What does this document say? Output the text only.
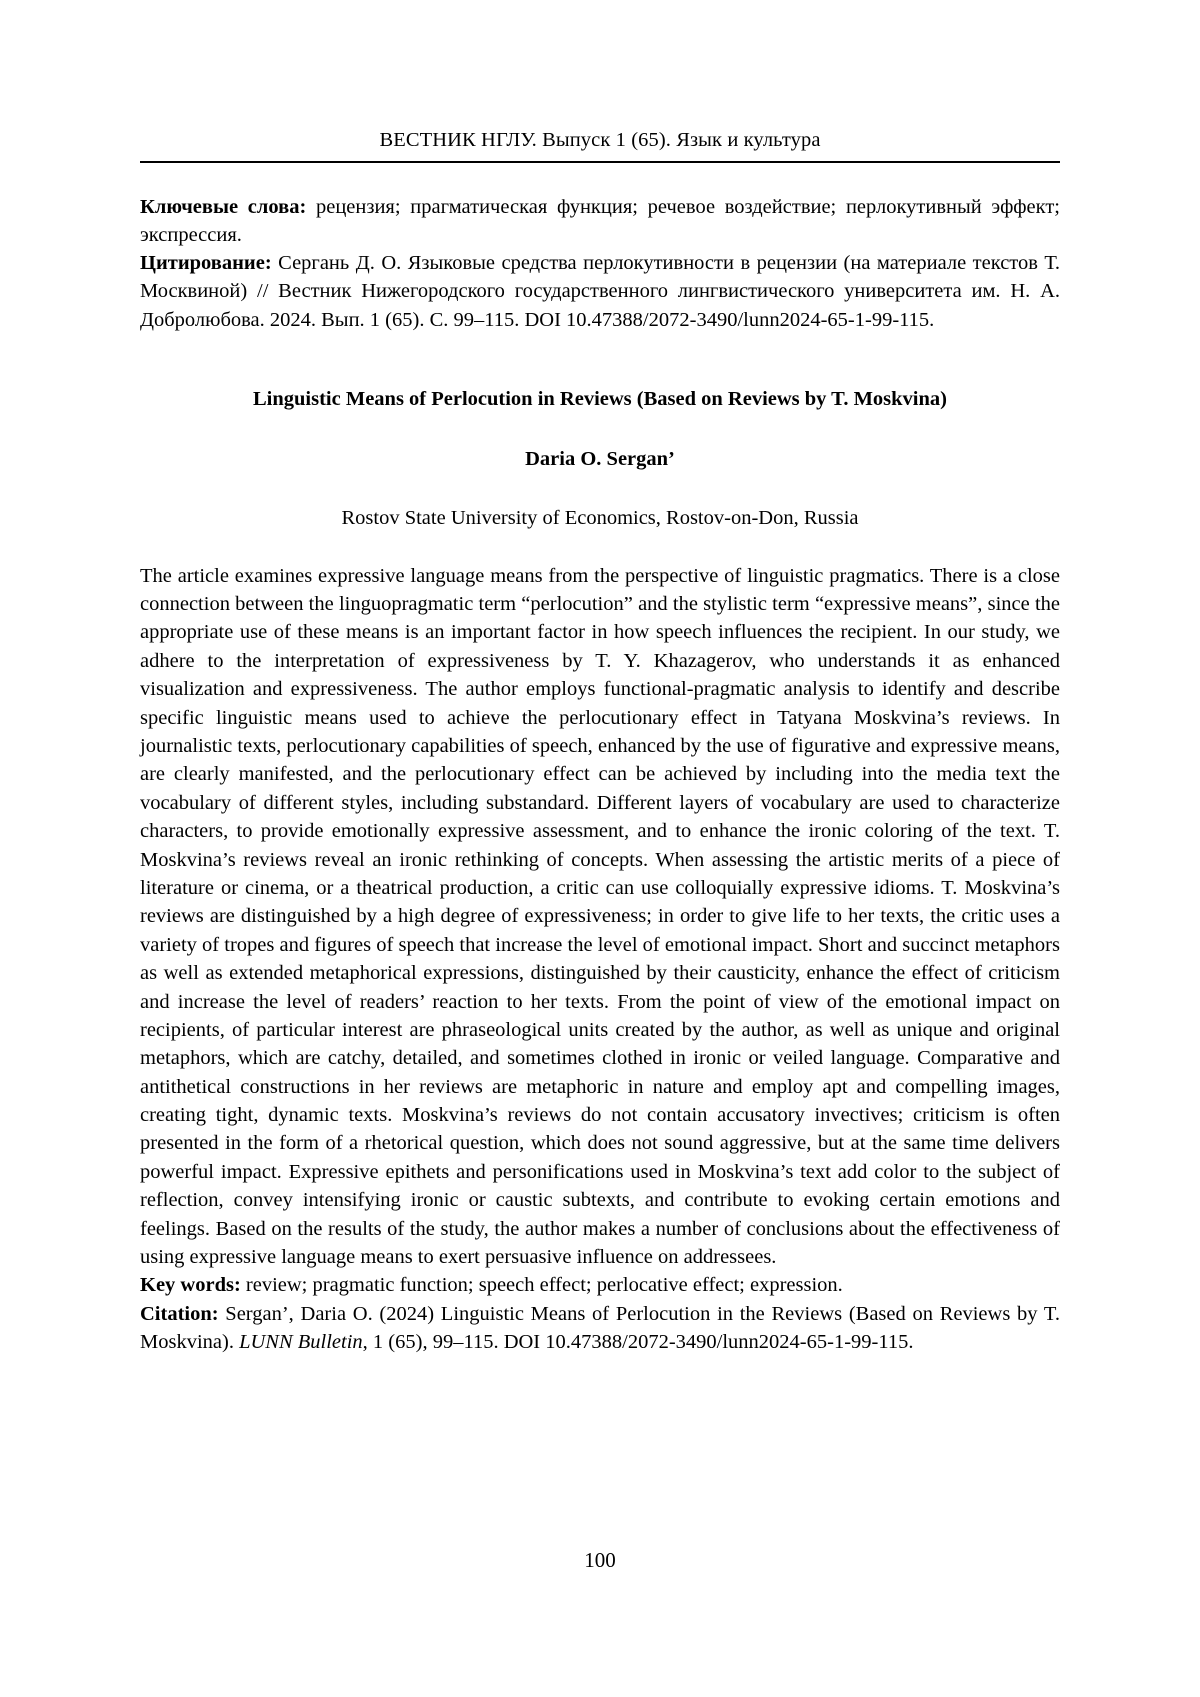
ВЕСТНИК НГЛУ. Выпуск 1 (65). Язык и культура

Ключевые слова: рецензия; прагматическая функция; речевое воздействие; перлокутивный эффект; экспрессия.

Цитирование: Сергань Д. О. Языковые средства перлокутивности в рецензии (на материале текстов Т. Москвиной) // Вестник Нижегородского государственного лингвистического университета им. Н. А. Добролюбова. 2024. Вып. 1 (65). С. 99–115. DOI 10.47388/2072-3490/lunn2024-65-1-99-115.

Linguistic Means of Perlocution in Reviews (Based on Reviews by T. Moskvina)
Daria O. Sergan’
Rostov State University of Economics, Rostov-on-Don, Russia

The article examines expressive language means from the perspective of linguistic pragmatics. There is a close connection between the linguopragmatic term “perlocution” and the stylistic term “expressive means”, since the appropriate use of these means is an important factor in how speech influences the recipient. In our study, we adhere to the interpretation of expressiveness by T. Y. Khazagerov, who understands it as enhanced visualization and expressiveness. The author employs functional-pragmatic analysis to identify and describe specific linguistic means used to achieve the perlocutionary effect in Tatyana Moskvina’s reviews. In journalistic texts, perlocutionary capabilities of speech, enhanced by the use of figurative and expressive means, are clearly manifested, and the perlocutionary effect can be achieved by including into the media text the vocabulary of different styles, including substandard. Different layers of vocabulary are used to characterize characters, to provide emotionally expressive assessment, and to enhance the ironic coloring of the text. T. Moskvina’s reviews reveal an ironic rethinking of concepts. When assessing the artistic merits of a piece of literature or cinema, or a theatrical production, a critic can use colloquially expressive idioms. T. Moskvina’s reviews are distinguished by a high degree of expressiveness; in order to give life to her texts, the critic uses a variety of tropes and figures of speech that increase the level of emotional impact. Short and succinct metaphors as well as extended metaphorical expressions, distinguished by their causticity, enhance the effect of criticism and increase the level of readers’ reaction to her texts. From the point of view of the emotional impact on recipients, of particular interest are phraseological units created by the author, as well as unique and original metaphors, which are catchy, detailed, and sometimes clothed in ironic or veiled language. Comparative and antithetical constructions in her reviews are metaphoric in nature and employ apt and compelling images, creating tight, dynamic texts. Moskvina’s reviews do not contain accusatory invectives; criticism is often presented in the form of a rhetorical question, which does not sound aggressive, but at the same time delivers powerful impact. Expressive epithets and personifications used in Moskvina’s text add color to the subject of reflection, convey intensifying ironic or caustic subtexts, and contribute to evoking certain emotions and feelings. Based on the results of the study, the author makes a number of conclusions about the effectiveness of using expressive language means to exert persuasive influence on addressees.

Key words: review; pragmatic function; speech effect; perlocative effect; expression.

Citation: Sergan’, Daria O. (2024) Linguistic Means of Perlocution in the Reviews (Based on Reviews by T. Moskvina). LUNN Bulletin, 1 (65), 99–115. DOI 10.47388/2072-3490/lunn2024-65-1-99-115.

100
